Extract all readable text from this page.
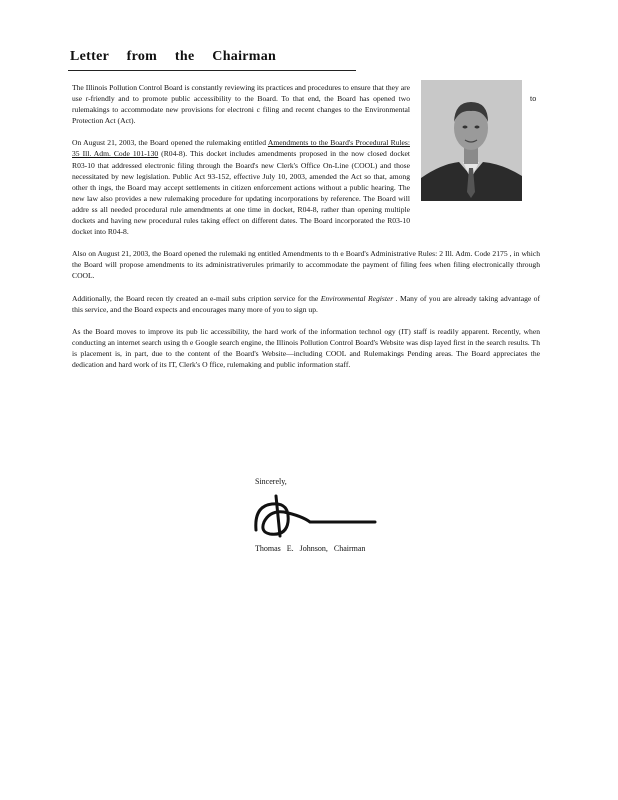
Letter from the Chairman
to

The Illinois Pollution Control Board is constantly reviewing its practices and procedures to ensure that they are use r-friendly and to promote public accessibility to the Board. To that end, the Board has opened two rulemakings to accommodate new provisions for electroni c filing and recent changes to the Environmental Protection Act (Act).

On August 21, 2003, the Board opened the rulemaking entitled Amendments to the Board's Procedural Rules: 35 Ill. Adm. Code 101-130 (R04-8). This docket includes amendments proposed in the now closed docket R03-10 that addressed electronic filing through the Board's new Clerk's Office On-Line (COOL) and those necessitated by new legislation. Public Act 93-152, effective July 10, 2003, amended the Act so that, among other th ings, the Board may accept settlements in citizen enforcement actions without a public hearing. The new law also provides a new rulemaking procedure for updating incorporations by reference. The Board will addre ss all needed procedural rule amendments at one time in docket, R04-8, rather than opening multiple dockets and having new procedural rules taking effect on different dates. The Board incorporated the R03-10 docket into R04-8.

Also on August 21, 2003, the Board opened the rulemaki ng entitled Amendments to th e Board's Administrative Rules: 2 Ill. Adm. Code 2175 , in which the Board will propose amendments to its administrativerules primarily to accommodate the payment of filing fees when filing electronically through COOL.

Additionally, the Board recen tly created an e-mail subs cription service for the Environmental Register . Many of you are already taking advantage of this service, and the Board expects and encourages many more of you to sign up.

As the Board moves to improve its pub lic accessibility, the hard work of the information technol ogy (IT) staff is readily apparent. Recently, when conducting an internet search using th e Google search engine, the Illinois Pollution Control Board's Website was disp layed first in the search results. Th is placement is, in part, due to the content of the Board's Website—including COOL and Rulemakings Pending areas. The Board appreciates the dedication and hard work of its IT, Clerk's O ffice, rulemaking and public information staff.

Sincerely,
Thomas E. Johnson, Chairman
